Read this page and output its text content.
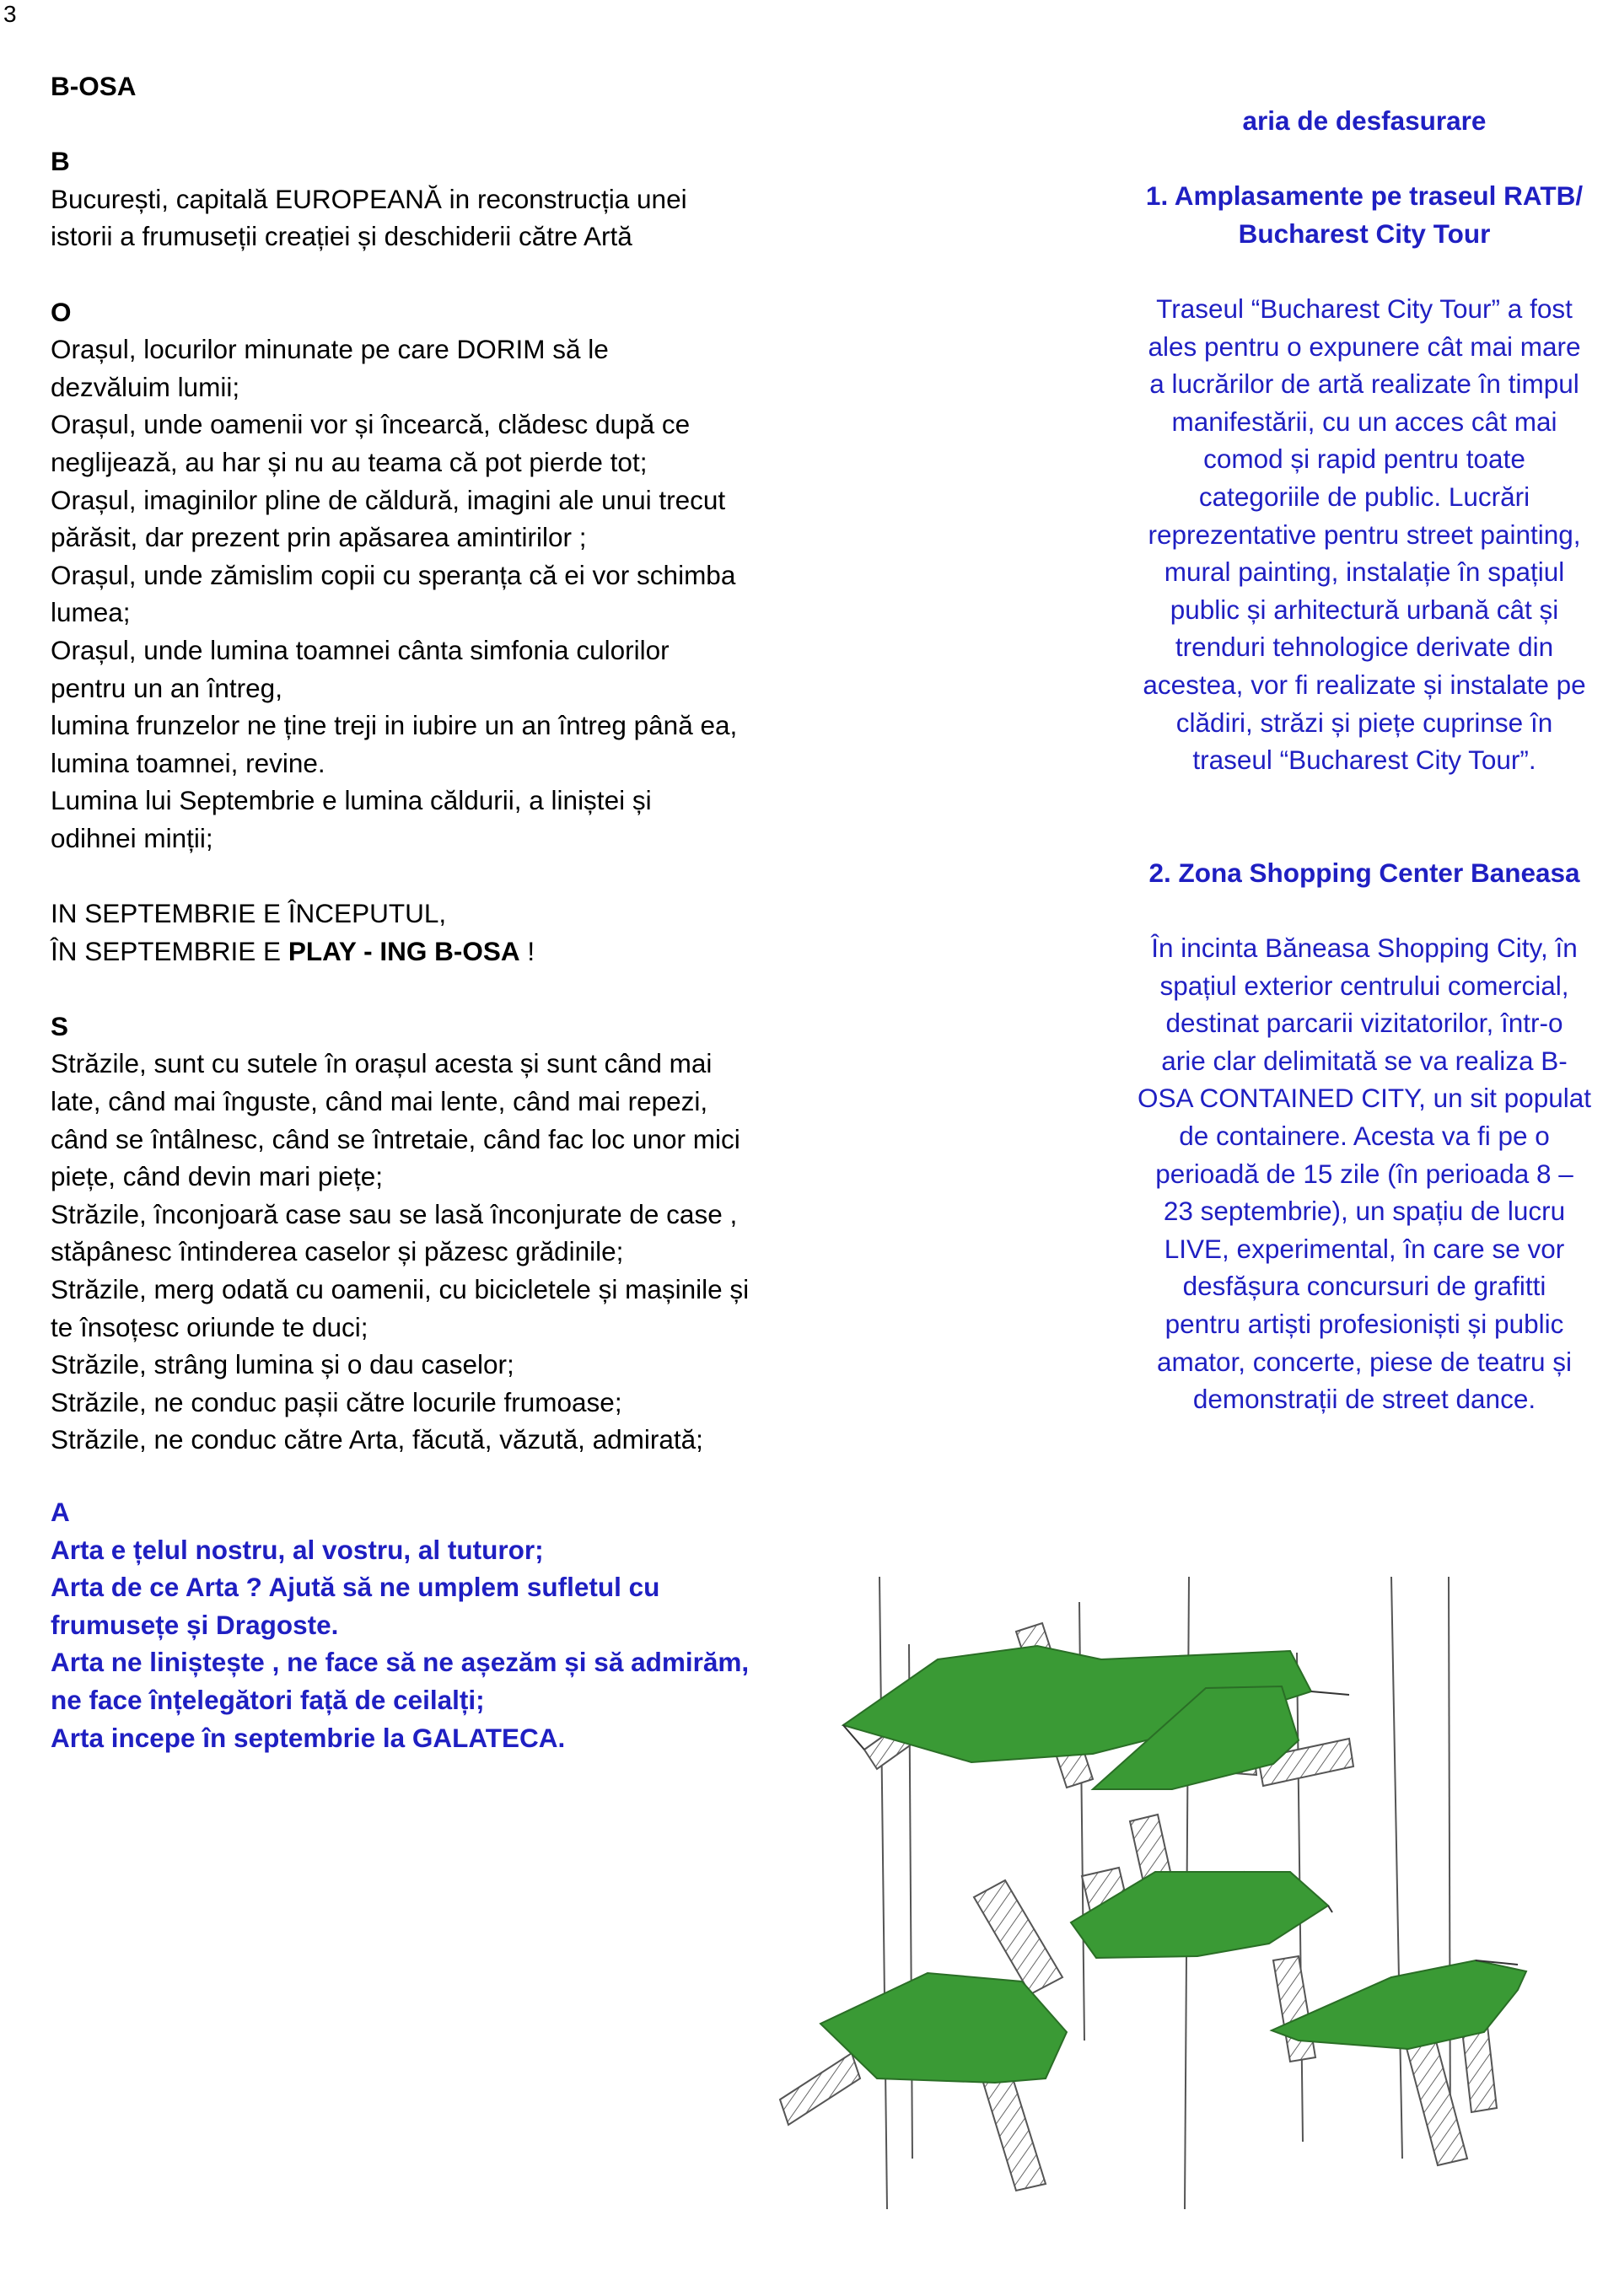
3

B-OSA

B

București, capitală EUROPEANĂ in reconstrucția unei

istorii a frumuseții creației și deschiderii către Artă

O

Orașul, locurilor minunate pe care DORIM să le

dezvăluim lumii;

Orașul, unde oamenii vor și încearcă, clădesc după ce

neglijează, au har și nu au teama că pot pierde tot;

Orașul, imaginilor pline de căldură, imagini ale unui trecut

părăsit, dar prezent prin apăsarea amintirilor ;

Orașul, unde zămislim copii cu speranța că ei vor schimba

lumea;

Orașul, unde lumina toamnei cânta simfonia culorilor

pentru un an întreg,

lumina frunzelor ne ține treji in iubire un an întreg până ea,

lumina toamnei, revine.

Lumina lui Septembrie e lumina căldurii, a liniștei și

odihnei minții;

IN SEPTEMBRIE E ÎNCEPUTUL,

ÎN SEPTEMBRIE E PLAY - ING B-OSA !

S

Străzile, sunt cu sutele în orașul acesta și sunt când mai

late, când mai înguste, când mai lente, când mai repezi,

când se întâlnesc, când se întretaie, când fac loc unor mici

piețe, când devin mari piețe;

Străzile, înconjoară case sau se lasă înconjurate de case ,

stăpânesc întinderea caselor și păzesc grădinile;

Străzile, merg odată cu oamenii, cu bicicletele și mașinile și

te însoțesc oriunde te duci;

Străzile, strâng lumina și o dau caselor;

Străzile, ne conduc pașii către locurile frumoase;

Străzile, ne conduc către Arta, făcută, văzută, admirată;

A

Arta e țelul nostru, al vostru, al tuturor;

Arta de ce Arta ? Ajută să ne umplem sufletul cu

frumusețe și Dragoste.

Arta ne liniștește , ne face să ne așezăm și să admirăm,

ne face înțelegători față de ceilalți;

Arta incepe în septembrie la GALATECA.

aria de desfasurare

1. Amplasamente pe traseul RATB/

Bucharest City Tour

Traseul “Bucharest City Tour” a fost

ales pentru o expunere cât mai mare

a lucrărilor de artă realizate în timpul

manifestării, cu un acces cât mai

comod și rapid pentru toate

categoriile de public. Lucrări

reprezentative pentru street painting,

mural painting, instalație în spațiul

public și arhitectură urbană cât și

trenduri tehnologice derivate din

acestea, vor fi realizate și instalate pe

clădiri, străzi și piețe cuprinse în

traseul “Bucharest City Tour”.

2. Zona Shopping Center Baneasa

În incinta Băneasa Shopping City, în

spațiul exterior centrului comercial,

destinat parcarii vizitatorilor, într-o

arie clar delimitată se va realiza B-

OSA CONTAINED CITY, un sit populat

de containere. Acesta va fi pe o

perioadă de 15 zile (în perioada 8 –

23 septembrie), un spațiu de lucru

LIVE, experimental, în care se vor

desfășura concursuri de grafitti

pentru artiști profesioniști și public

amator, concerte, piese de teatru și

demonstrații de street dance.
